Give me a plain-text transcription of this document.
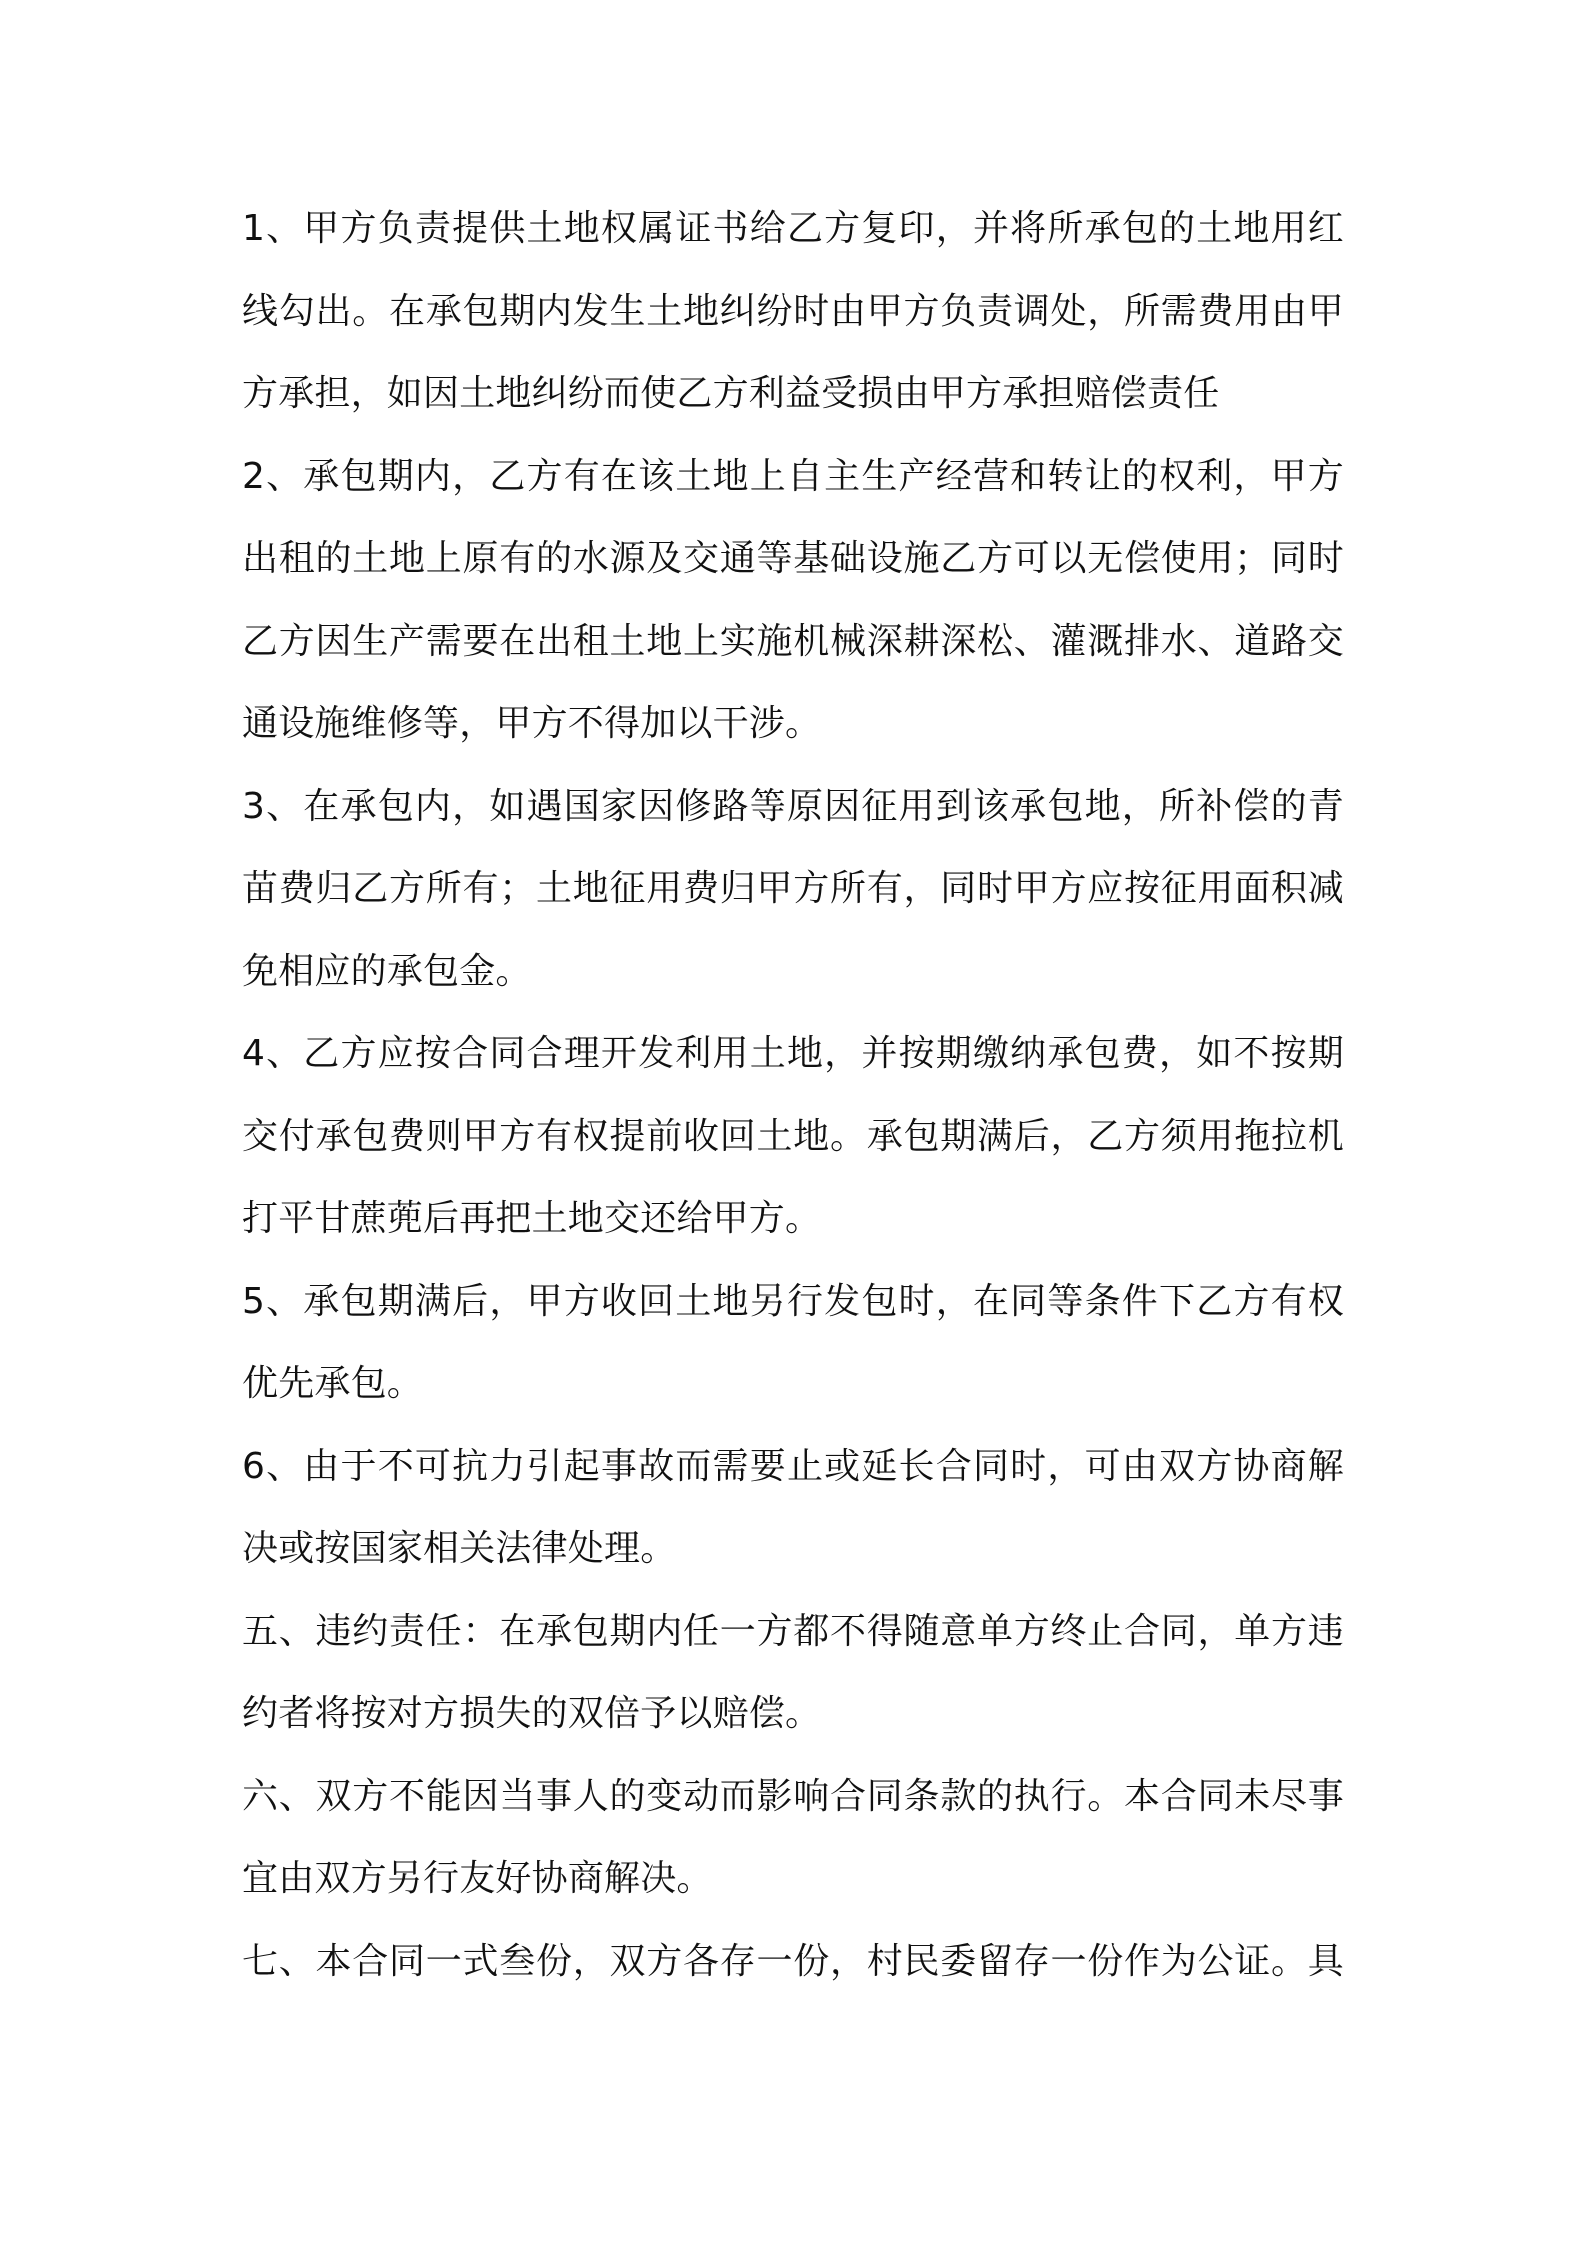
1、甲方负责提供土地权属证书给乙方复印，并将所承包的土地用红
线勾出。在承包期内发生土地纠纷时由甲方负责调处，所需费用由甲
方承担，如因土地纠纷而使乙方利益受损由甲方承担赔偿责任
2、承包期内，乙方有在该土地上自主生产经营和转让的权利，甲方
出租的土地上原有的水源及交通等基础设施乙方可以无偿使用；同时
乙方因生产需要在出租土地上实施机械深耕深松、灌溉排水、道路交
通设施维修等，甲方不得加以干涉。
3、在承包内，如遇国家因修路等原因征用到该承包地，所补偿的青
苗费归乙方所有；土地征用费归甲方所有，同时甲方应按征用面积减
免相应的承包金。
4、乙方应按合同合理开发利用土地，并按期缴纳承包费，如不按期
交付承包费则甲方有权提前收回土地。承包期满后，乙方须用拖拉机
打平甘蔗蔸后再把土地交还给甲方。
5、承包期满后，甲方收回土地另行发包时，在同等条件下乙方有权
优先承包。
6、由于不可抗力引起事故而需要止或延长合同时，可由双方协商解
决或按国家相关法律处理。
五、违约责任：在承包期内任一方都不得随意单方终止合同，单方违
约者将按对方损失的双倍予以赔偿。
六、双方不能因当事人的变动而影响合同条款的执行。本合同未尽事
宜由双方另行友好协商解决。
七、本合同一式叁份，双方各存一份，村民委留存一份作为公证。具
